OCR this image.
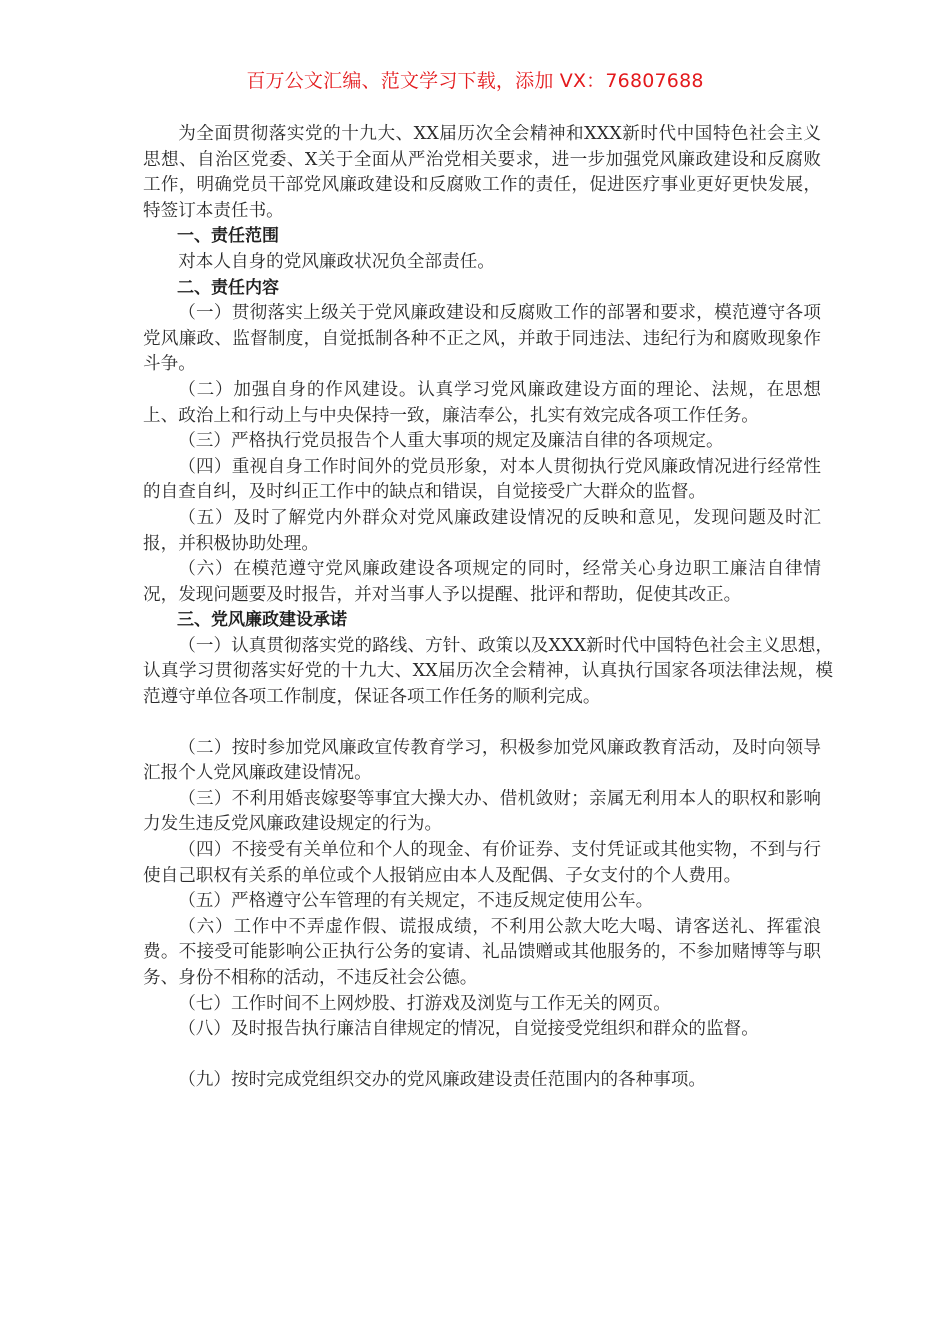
百万公文汇编、范文学习下载，添加 VX：76807688

为全面贯彻落实党的十九大、XX届历次全会精神和XXX新时代中国特色社会主义思想、自治区党委、X关于全面从严治党相关要求，进一步加强党风廉政建设和反腐败工作，明确党员干部党风廉政建设和反腐败工作的责任，促进医疗事业更好更快发展，特签订本责任书。

一、责任范围

对本人自身的党风廉政状况负全部责任。

二、责任内容

（一）贯彻落实上级关于党风廉政建设和反腐败工作的部署和要求，模范遵守各项党风廉政、监督制度，自觉抵制各种不正之风，并敢于同违法、违纪行为和腐败现象作斗争。

（二）加强自身的作风建设。认真学习党风廉政建设方面的理论、法规，在思想上、政治上和行动上与中央保持一致，廉洁奉公，扎实有效完成各项工作任务。

（三）严格执行党员报告个人重大事项的规定及廉洁自律的各项规定。

（四）重视自身工作时间外的党员形象，对本人贯彻执行党风廉政情况进行经常性的自查自纠，及时纠正工作中的缺点和错误，自觉接受广大群众的监督。

（五）及时了解党内外群众对党风廉政建设情况的反映和意见，发现问题及时汇报，并积极协助处理。

（六）在模范遵守党风廉政建设各项规定的同时，经常关心身边职工廉洁自律情况，发现问题要及时报告，并对当事人予以提醒、批评和帮助，促使其改正。

三、党风廉政建设承诺

（一）认真贯彻落实党的路线、方针、政策以及XXX新时代中国特色社会主义思想，认真学习贯彻落实好党的十九大、XX届历次全会精神，认真执行国家各项法律法规，模范遵守单位各项工作制度，保证各项工作任务的顺利完成。

（二）按时参加党风廉政宣传教育学习，积极参加党风廉政教育活动，及时向领导汇报个人党风廉政建设情况。

（三）不利用婚丧嫁娶等事宜大操大办、借机敛财；亲属无利用本人的职权和影响力发生违反党风廉政建设规定的行为。

（四）不接受有关单位和个人的现金、有价证券、支付凭证或其他实物，不到与行使自己职权有关系的单位或个人报销应由本人及配偶、子女支付的个人费用。

（五）严格遵守公车管理的有关规定，不违反规定使用公车。

（六）工作中不弄虚作假、谎报成绩，不利用公款大吃大喝、请客送礼、挥霍浪费。不接受可能影响公正执行公务的宴请、礼品馈赠或其他服务的，不参加赌博等与职务、身份不相称的活动，不违反社会公德。

（七）工作时间不上网炒股、打游戏及浏览与工作无关的网页。

（八）及时报告执行廉洁自律规定的情况，自觉接受党组织和群众的监督。

（九）按时完成党组织交办的党风廉政建设责任范围内的各种事项。
